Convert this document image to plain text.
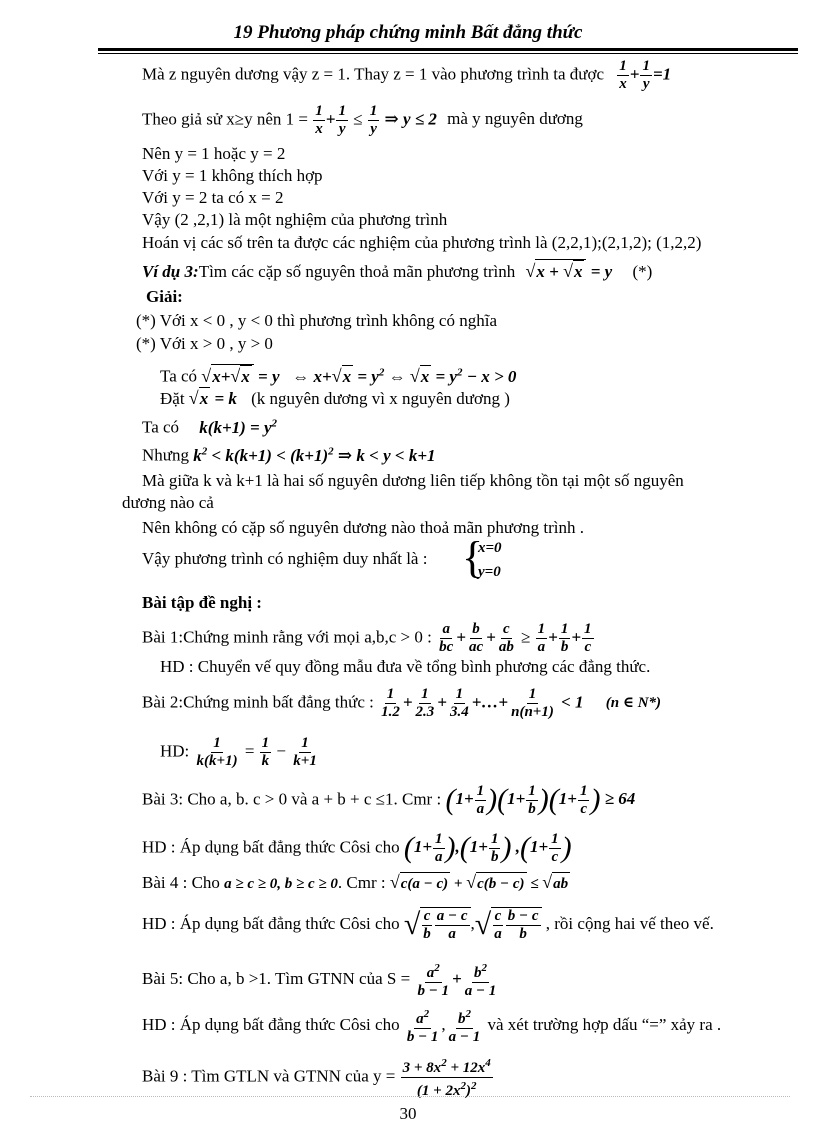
19 Phương pháp chứng minh Bất đẳng thức
Mà z nguyên dương vậy z = 1. Thay z = 1 vào phương trình ta được $\frac{1}{x} + \frac{1}{y} =1$
Theo giả sử x≥y nên $1 = \frac{1}{x} + \frac{1}{y} \le \frac{1}{y}$ ⇒ y ≤ 2 mà y nguyên dương
Nên y = 1 hoặc y = 2
Với y = 1 không thích hợp
Với y = 2 ta có x = 2
Vậy (2 ,2,1) là một nghiệm của phương trình
Hoán vị các số trên ta được các nghiệm của phương trình là (2,2,1);(2,1,2); (1,2,2)
Ví dụ 3:Tìm các cặp số nguyên thoả mãn phương trình √x + √x = y (*)
Giải:
(*) Với x < 0 , y < 0 thì phương trình không có nghĩa
(*) Với x > 0 , y > 0
Ta có √x+√x = y   ⇔ $x+√x = y^2$ ⇔ $√x = y^2 - x > 0$
Đặt √x = k (k nguyên dương vì x nguyên dương )
Ta có $k(k+1) = y^2$
Nhưng $k^2 < k(k+1) < (k+1)^2$ ⇒ k < y < k+1
Mà giữa k và k+1 là hai số nguyên dương liên tiếp không tồn tại một số nguyên
dương nào cả
Nên không có cặp số nguyên dương nào thoả mãn phương trình .
Vậy phương trình có nghiệm duy nhất là : {
x=0
y=0
Bài tập đề nghị :
Bài 1:Chứng minh rằng với mọi a,b,c > 0 : $\frac{a}{bc} + \frac{b}{ac} + \frac{c}{ab} \ge \frac{1}{a} + \frac{1}{b} + \frac{1}{c}$
HD : Chuyển vế quy đồng mẫu đưa về tổng bình phương các đẳng thức.
Bài 2:Chứng minh bất đẳng thức : $\frac{1}{1.2} + \frac{1}{2.3} + \frac{1}{3.4}$ +…+ $\frac{1}{n(n+1)} < 1$ (n ∈ N*)
HD: $\frac{1}{k(k+1)} = \frac{1}{k} - \frac{1}{k+1}$
Bài 3: Cho a, b. c > 0 và a + b + c ≤1. Cmr : $(1+ \frac{1}{a} )(1+ \frac{1}{b} )(1+ \frac{1}{c}$ ) ≥ 64
HD : Áp dụng bất đẳng thức Côsi cho $(1+ \frac{1}{a} ),(1+ \frac{1}{b}$ ) $,(1+ \frac{1}{c}$ )
Bài 4 : Cho a ≥ c ≥ 0, b ≥ c ≥ 0. Cmr : √c(a − c) + √c(b − c) ≤ √ab
HD : Áp dụng bất đẳng thức Côsi cho √ $\frac{c}{b} \frac{a - c}{a}$ ,√ $\frac{c}{a} \frac{b - c}{b}$ , rồi cộng hai vế theo vế.
Bài 5: Cho a, b >1. Tìm GTNN của $S = \frac{a^2}{b - 1} + \frac{b^2}{a - 1}$
HD : Áp dụng bất đẳng thức Côsi cho $\frac{a^2}{b - 1}$ , $\frac{b^2}{a - 1}$ và xét trường hợp dấu “=” xảy ra .
Bài 9 : Tìm GTLN và GTNN của $y = \frac{3 + 8x^2 + 12x^4}{(1 + 2x^2)^2}$
30
